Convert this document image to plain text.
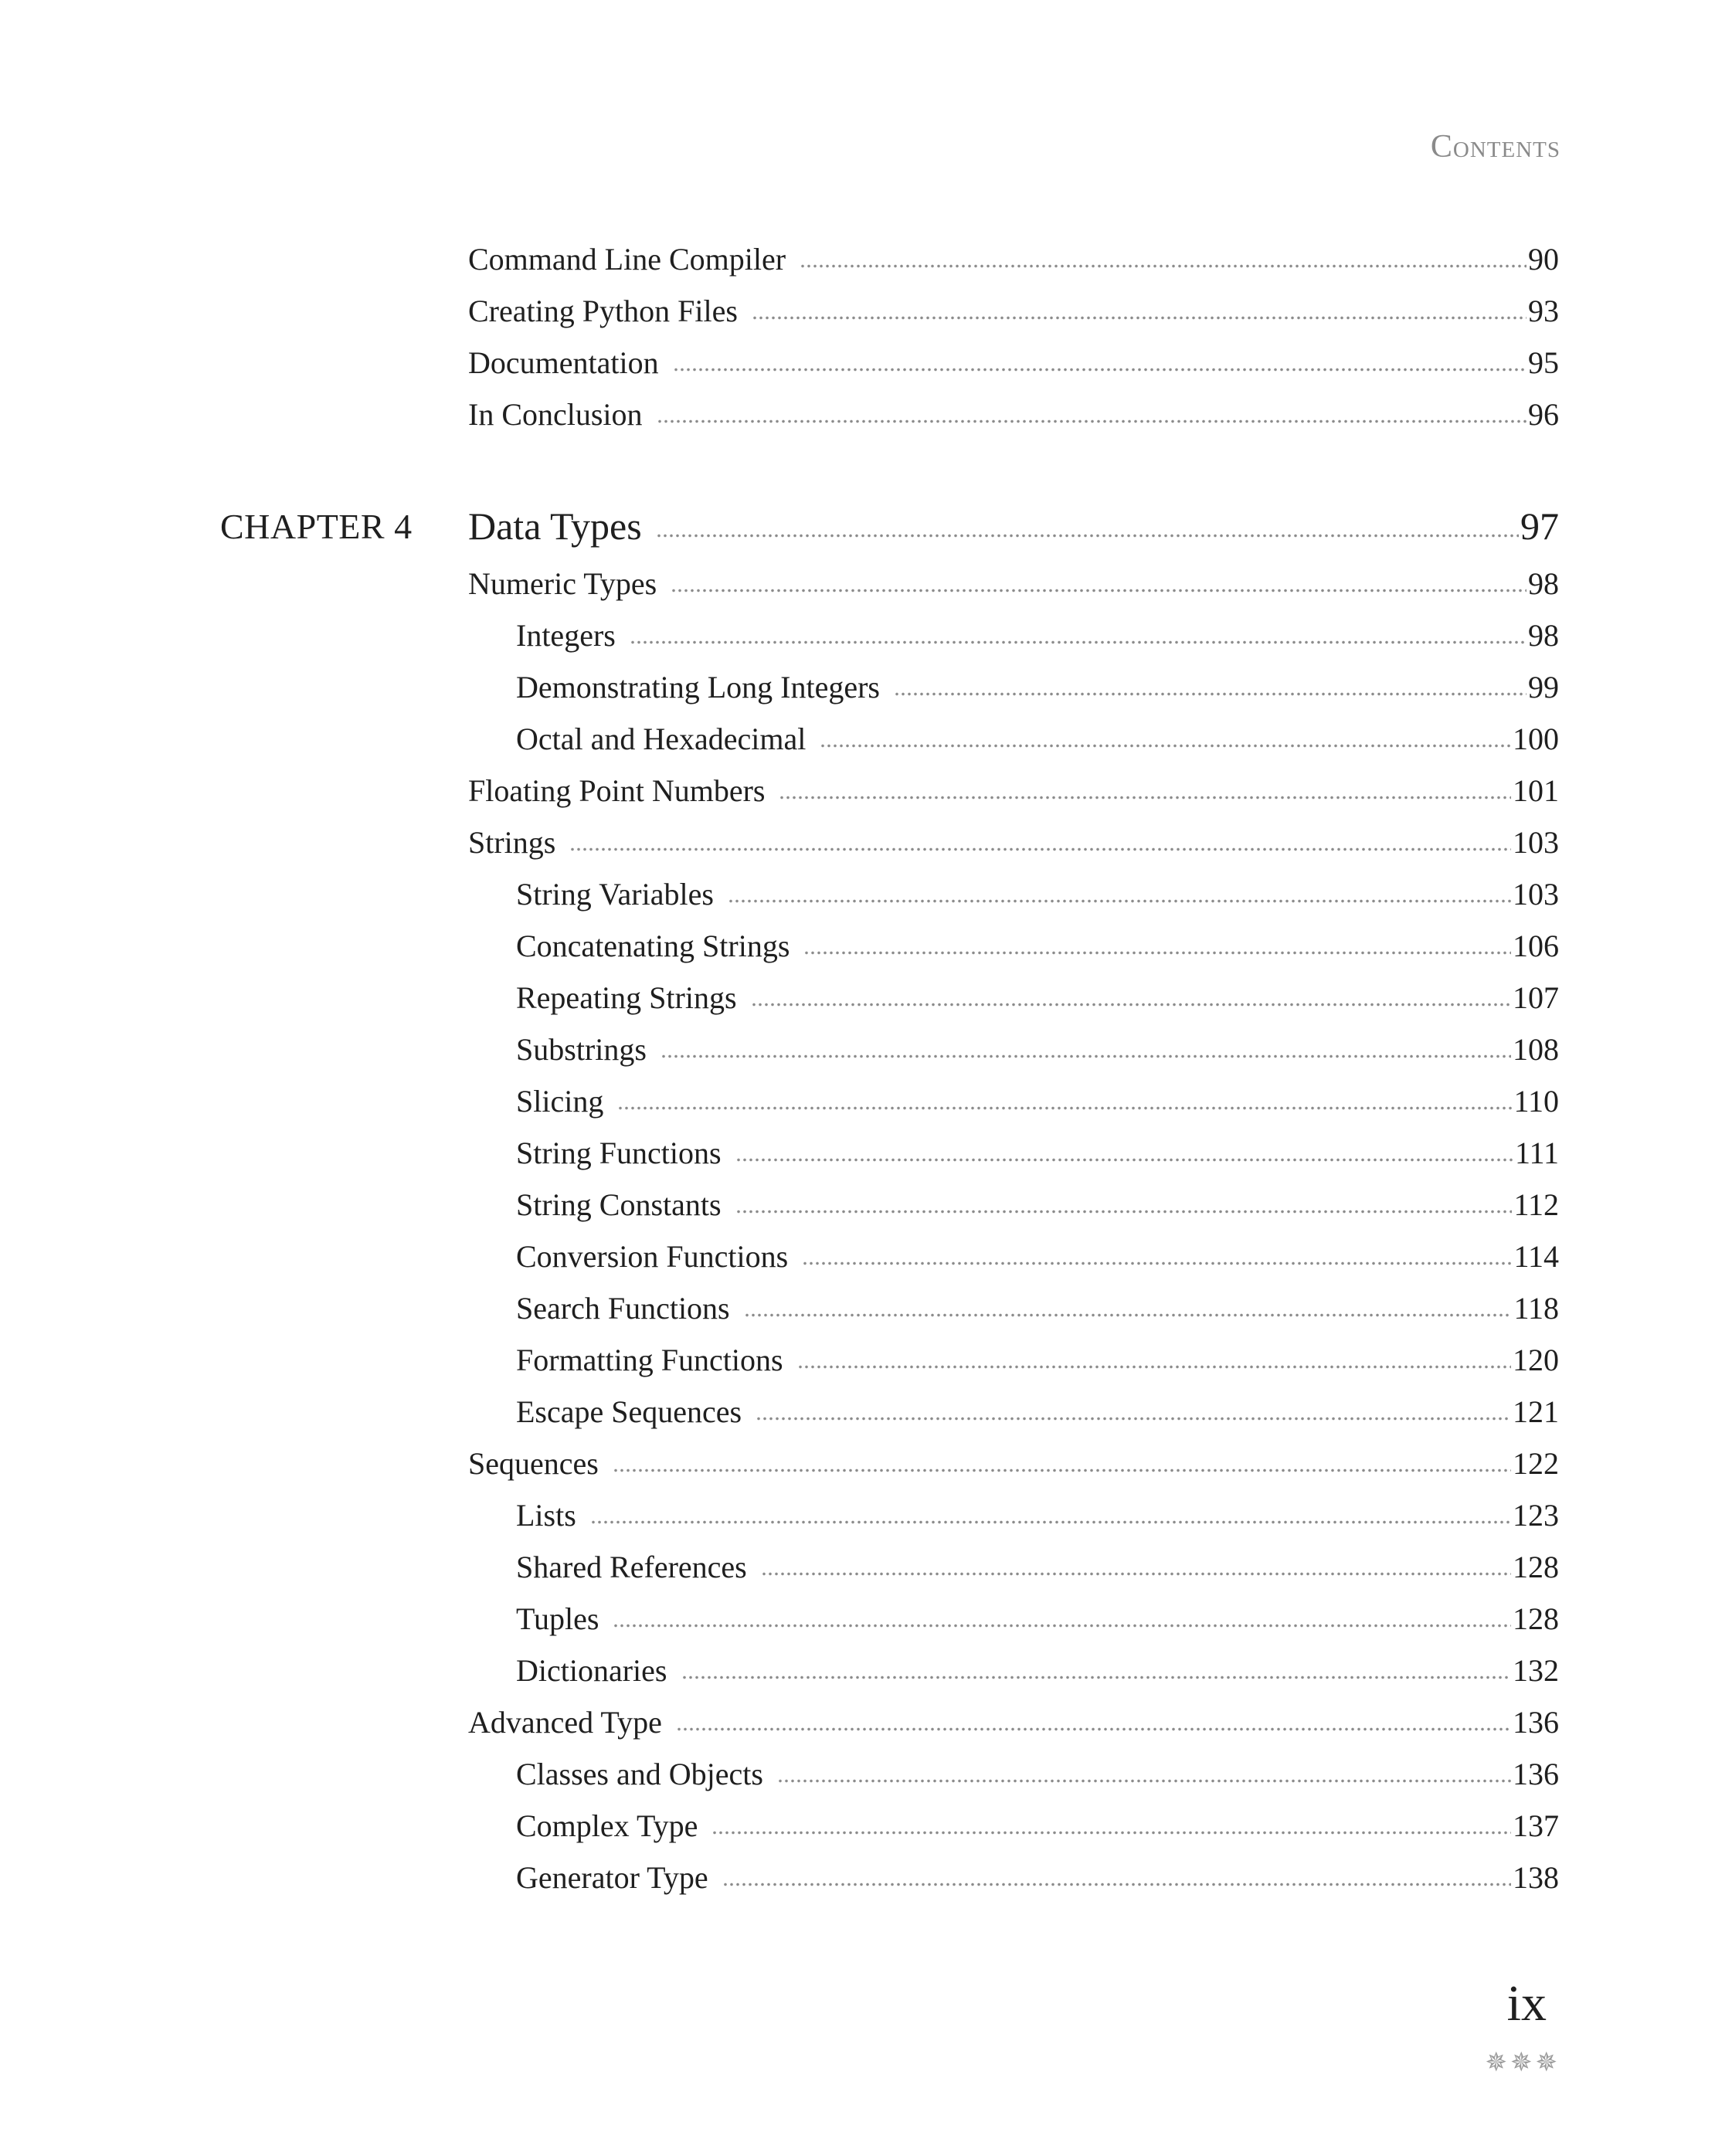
Contents
Command Line Compiler	90
Creating Python Files	93
Documentation	95
In Conclusion	96
CHAPTER 4 Data Types	97
Numeric Types	98
Integers	98
Demonstrating Long Integers	99
Octal and Hexadecimal	100
Floating Point Numbers	101
Strings	103
String Variables	103
Concatenating Strings	106
Repeating Strings	107
Substrings	108
Slicing	110
String Functions	111
String Constants	112
Conversion Functions	114
Search Functions	118
Formatting Functions	120
Escape Sequences	121
Sequences	122
Lists	123
Shared References	128
Tuples	128
Dictionaries	132
Advanced Type	136
Classes and Objects	136
Complex Type	137
Generator Type	138
ix
✵✵✵
